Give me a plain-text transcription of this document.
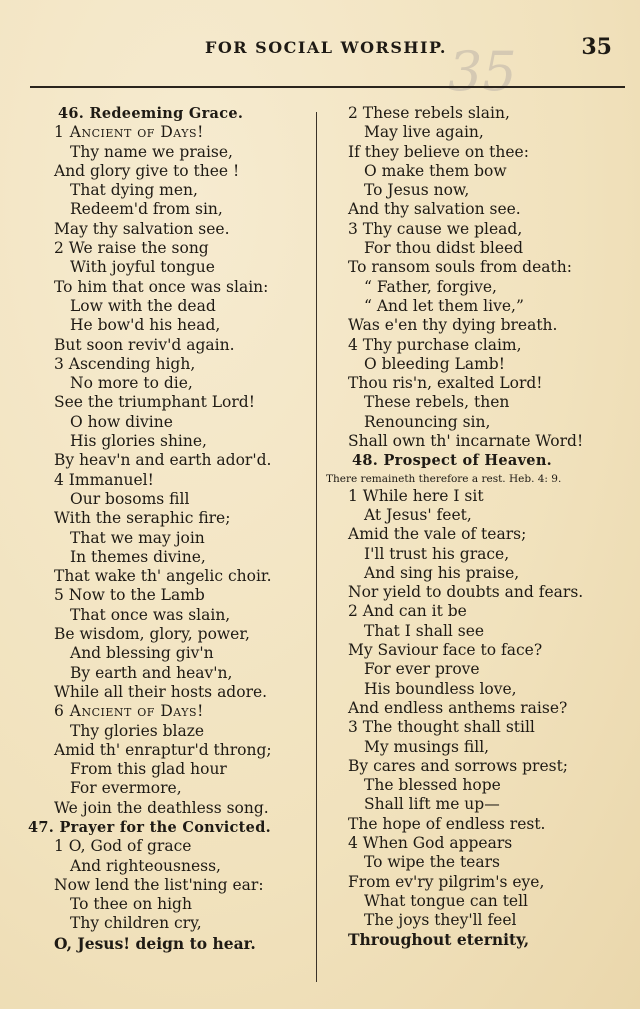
35
FOR SOCIAL WORSHIP.	35
46. Redeeming Grace.
1 Ancient of Days!
Thy name we praise,
And glory give to thee !
That dying men,
Redeem'd from sin,
May thy salvation see.
2 We raise the song
With joyful tongue
To him that once was slain:
Low with the dead
He bow'd his head,
But soon reviv'd again.
3 Ascending high,
No more to die,
See the triumphant Lord!
O how divine
His glories shine,
By heav'n and earth ador'd.
4 Immanuel!
Our bosoms fill
With the seraphic fire;
That we may join
In themes divine,
That wake th' angelic choir.
5 Now to the Lamb
That once was slain,
Be wisdom, glory, power,
And blessing giv'n
By earth and heav'n,
While all their hosts adore.
6 Ancient of Days!
Thy glories blaze
Amid th' enraptur'd throng;
From this glad hour
For evermore,
We join the deathless song.
47. Prayer for the Convicted.
1 O, God of grace
And righteousness,
Now lend the list'ning ear:
To thee on high
Thy children cry,
O, Jesus! deign to hear.
2 These rebels slain,
May live again,
If they believe on thee:
O make them bow
To Jesus now,
And thy salvation see.
3 Thy cause we plead,
For thou didst bleed
To ransom souls from death:
“ Father, forgive,
“ And let them live,”
Was e'en thy dying breath.
4 Thy purchase claim,
O bleeding Lamb!
Thou ris'n, exalted Lord!
These rebels, then
Renouncing sin,
Shall own th' incarnate Word!
48. Prospect of Heaven.
There remaineth therefore a rest. Heb. 4: 9.
1 While here I sit
At Jesus' feet,
Amid the vale of tears;
I'll trust his grace,
And sing his praise,
Nor yield to doubts and fears.
2 And can it be
That I shall see
My Saviour face to face?
For ever prove
His boundless love,
And endless anthems raise?
3 The thought shall still
My musings fill,
By cares and sorrows prest;
The blessed hope
Shall lift me up—
The hope of endless rest.
4 When God appears
To wipe the tears
From ev'ry pilgrim's eye,
What tongue can tell
The joys they'll feel
Throughout eternity,
